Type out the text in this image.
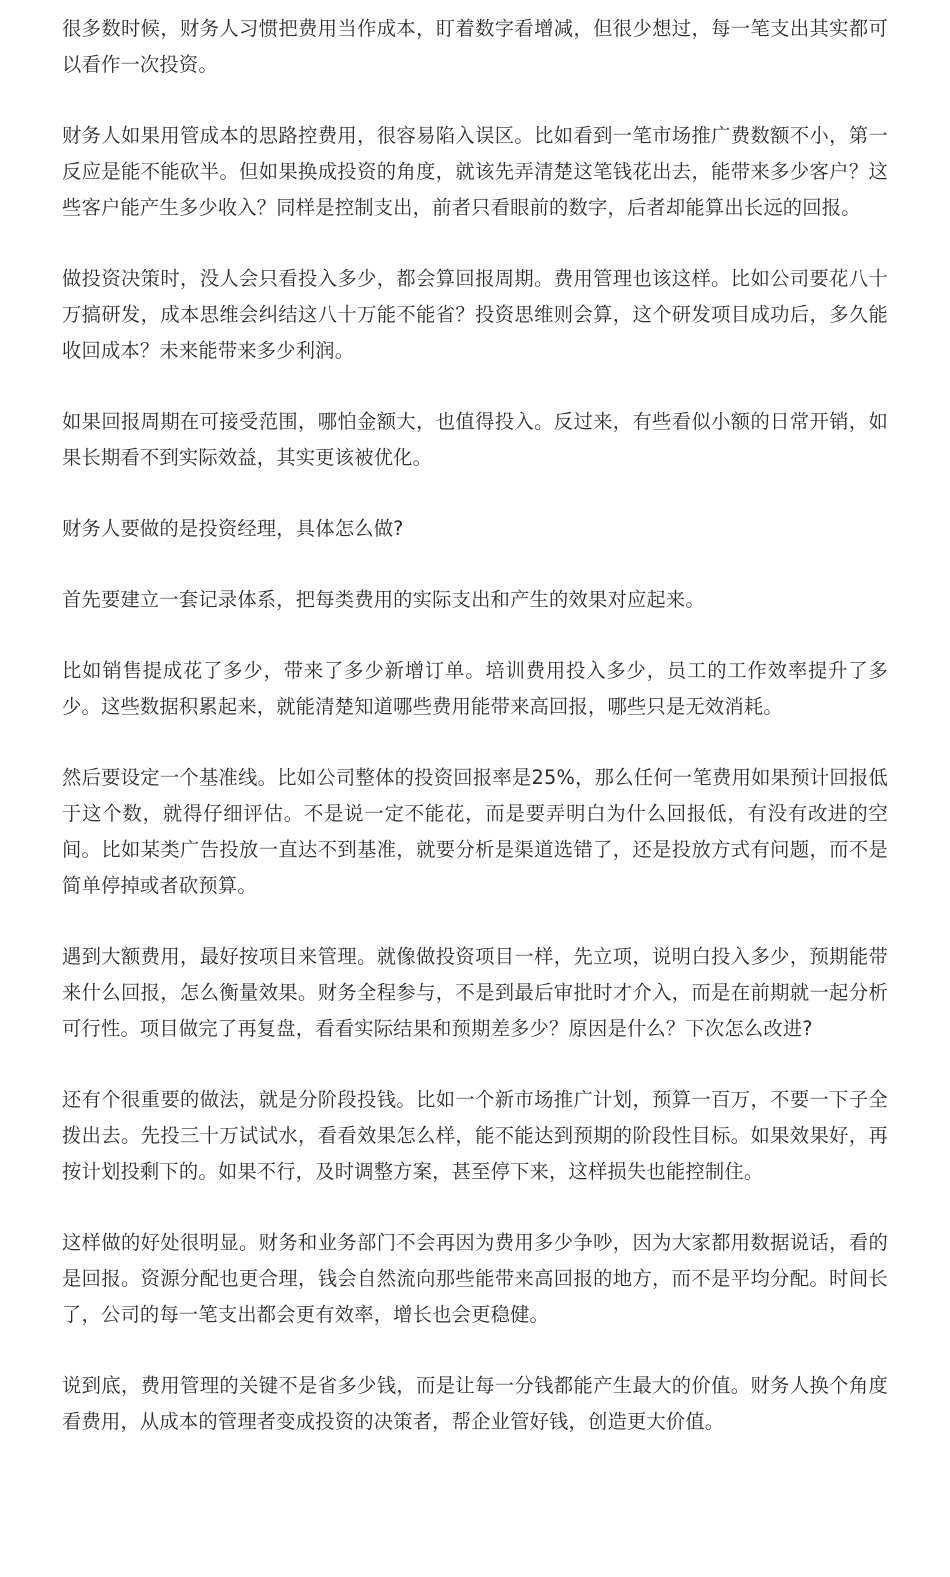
很多数时候，财务人习惯把费用当作成本，盯着数字看增减，但很少想过，每一笔支出其实都可以看作一次投资。

财务人如果用管成本的思路控费用，很容易陷入误区。比如看到一笔市场推广费数额不小，第一反应是能不能砍半。但如果换成投资的角度，就该先弄清楚这笔钱花出去，能带来多少客户？这些客户能产生多少收入？同样是控制支出，前者只看眼前的数字，后者却能算出长远的回报。

做投资决策时，没人会只看投入多少，都会算回报周期。费用管理也该这样。比如公司要花八十万搞研发，成本思维会纠结这八十万能不能省？投资思维则会算，这个研发项目成功后，多久能收回成本？未来能带来多少利润。

如果回报周期在可接受范围，哪怕金额大，也值得投入。反过来，有些看似小额的日常开销，如果长期看不到实际效益，其实更该被优化。

财务人要做的是投资经理，具体怎么做?

首先要建立一套记录体系，把每类费用的实际支出和产生的效果对应起来。

比如销售提成花了多少，带来了多少新增订单。培训费用投入多少，员工的工作效率提升了多少。这些数据积累起来，就能清楚知道哪些费用能带来高回报，哪些只是无效消耗。

然后要设定一个基准线。比如公司整体的投资回报率是25%，那么任何一笔费用如果预计回报低于这个数，就得仔细评估。不是说一定不能花，而是要弄明白为什么回报低，有没有改进的空间。比如某类广告投放一直达不到基准，就要分析是渠道选错了，还是投放方式有问题，而不是简单停掉或者砍预算。

遇到大额费用，最好按项目来管理。就像做投资项目一样，先立项，说明白投入多少，预期能带来什么回报，怎么衡量效果。财务全程参与，不是到最后审批时才介入，而是在前期就一起分析可行性。项目做完了再复盘，看看实际结果和预期差多少？原因是什么？下次怎么改进?

还有个很重要的做法，就是分阶段投钱。比如一个新市场推广计划，预算一百万，不要一下子全拨出去。先投三十万试试水，看看效果怎么样，能不能达到预期的阶段性目标。如果效果好，再按计划投剩下的。如果不行，及时调整方案，甚至停下来，这样损失也能控制住。

这样做的好处很明显。财务和业务部门不会再因为费用多少争吵，因为大家都用数据说话，看的是回报。资源分配也更合理，钱会自然流向那些能带来高回报的地方，而不是平均分配。时间长了，公司的每一笔支出都会更有效率，增长也会更稳健。

说到底，费用管理的关键不是省多少钱，而是让每一分钱都能产生最大的价值。财务人换个角度看费用，从成本的管理者变成投资的决策者，帮企业管好钱，创造更大价值。
